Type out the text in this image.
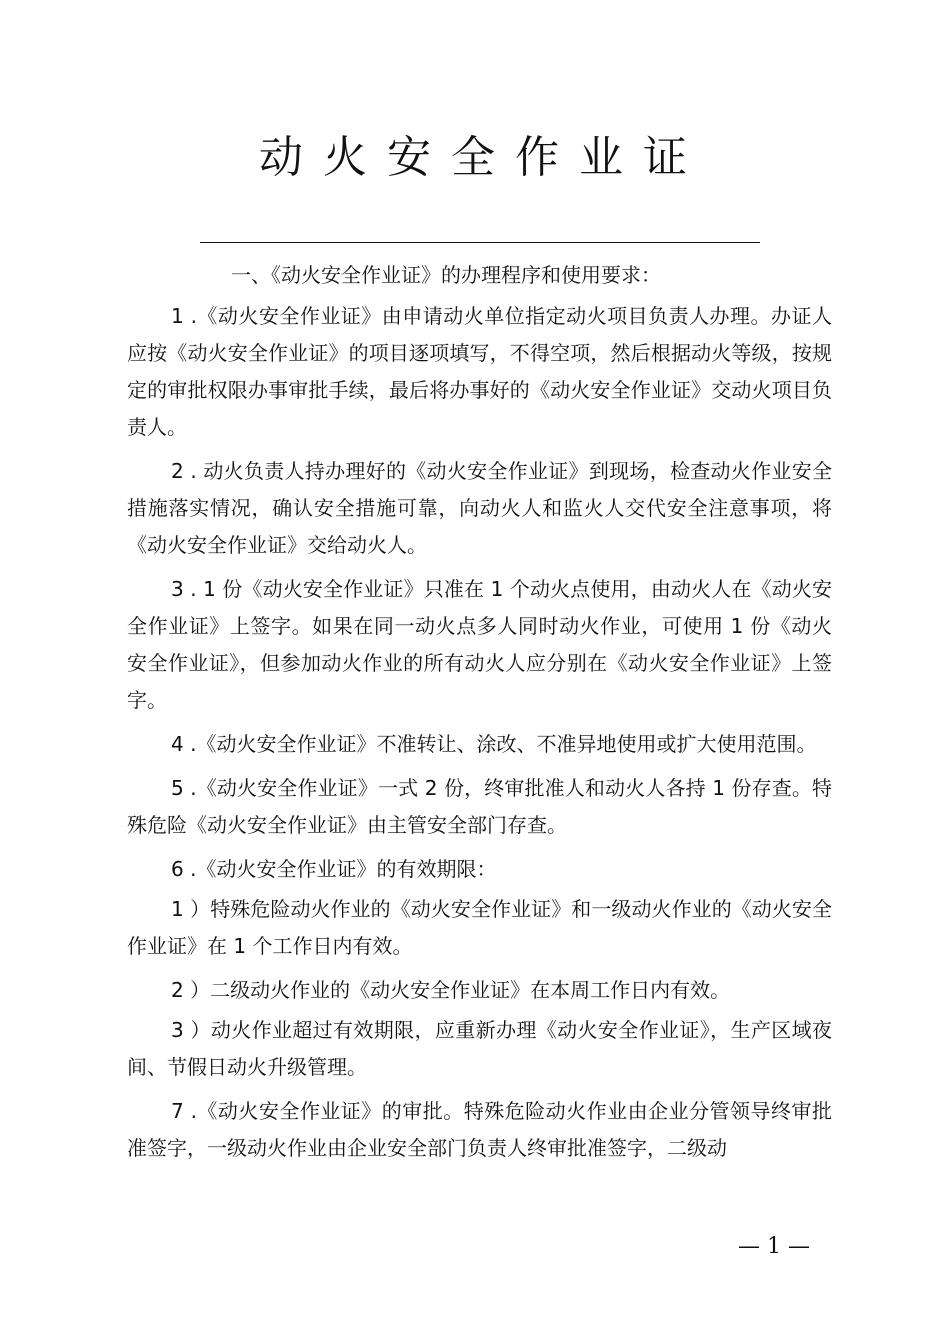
动火安全作业证
一、《动火安全作业证》的办理程序和使用要求：

1 .《动火安全作业证》由申请动火单位指定动火项目负责人办理。办证人应按《动火安全作业证》的项目逐项填写，不得空项，然后根据动火等级，按规定的审批权限办事审批手续，最后将办事好的《动火安全作业证》交动火项目负责人。

2 . 动火负责人持办理好的《动火安全作业证》到现场，检查动火作业安全措施落实情况，确认安全措施可靠，向动火人和监火人交代安全注意事项，将《动火安全作业证》交给动火人。

3 . 1 份《动火安全作业证》只准在 1 个动火点使用，由动火人在《动火安全作业证》上签字。如果在同一动火点多人同时动火作业，可使用 1 份《动火安全作业证》，但参加动火作业的所有动火人应分别在《动火安全作业证》上签字。

4 .《动火安全作业证》不准转让、涂改、不准异地使用或扩大使用范围。

5 .《动火安全作业证》一式 2 份，终审批准人和动火人各持 1 份存查。特殊危险《动火安全作业证》由主管安全部门存查。

6 .《动火安全作业证》的有效期限：

1 ）特殊危险动火作业的《动火安全作业证》和一级动火作业的《动火安全作业证》在 1 个工作日内有效。

2 ）二级动火作业的《动火安全作业证》在本周工作日内有效。

3 ）动火作业超过有效期限，应重新办理《动火安全作业证》，生产区域夜间、节假日动火升级管理。

7 .《动火安全作业证》的审批。特殊危险动火作业由企业分管领导终审批准签字，一级动火作业由企业安全部门负责人终审批准签字，二级动

— 1 —
